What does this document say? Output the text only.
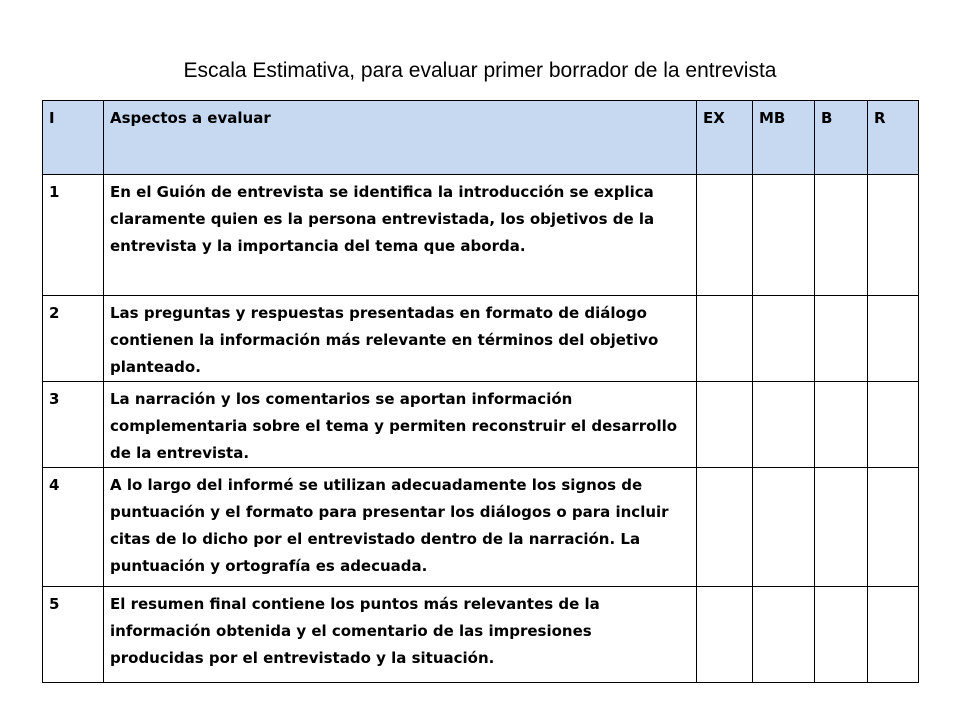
Escala Estimativa, para evaluar primer borrador de la entrevista
I	Aspectos a evaluar	EX	MB	B	R
1	En el Guión de entrevista se identifica la introducción se explica claramente quien es la persona entrevistada, los objetivos de la entrevista y la importancia del tema que aborda.				
2	Las preguntas y respuestas presentadas en formato de diálogo contienen la información más relevante en términos del objetivo planteado.				
3	La narración y los comentarios se aportan información complementaria sobre el tema y permiten reconstruir el desarrollo de la entrevista.				
4	A lo largo del informé se utilizan adecuadamente los signos de puntuación y el formato para presentar los diálogos o para incluir citas de lo dicho por el entrevistado dentro de la narración. La puntuación y ortografía es adecuada.				
5	El resumen final contiene los puntos más relevantes de la información obtenida y el comentario de las impresiones producidas por el entrevistado y la situación.				
